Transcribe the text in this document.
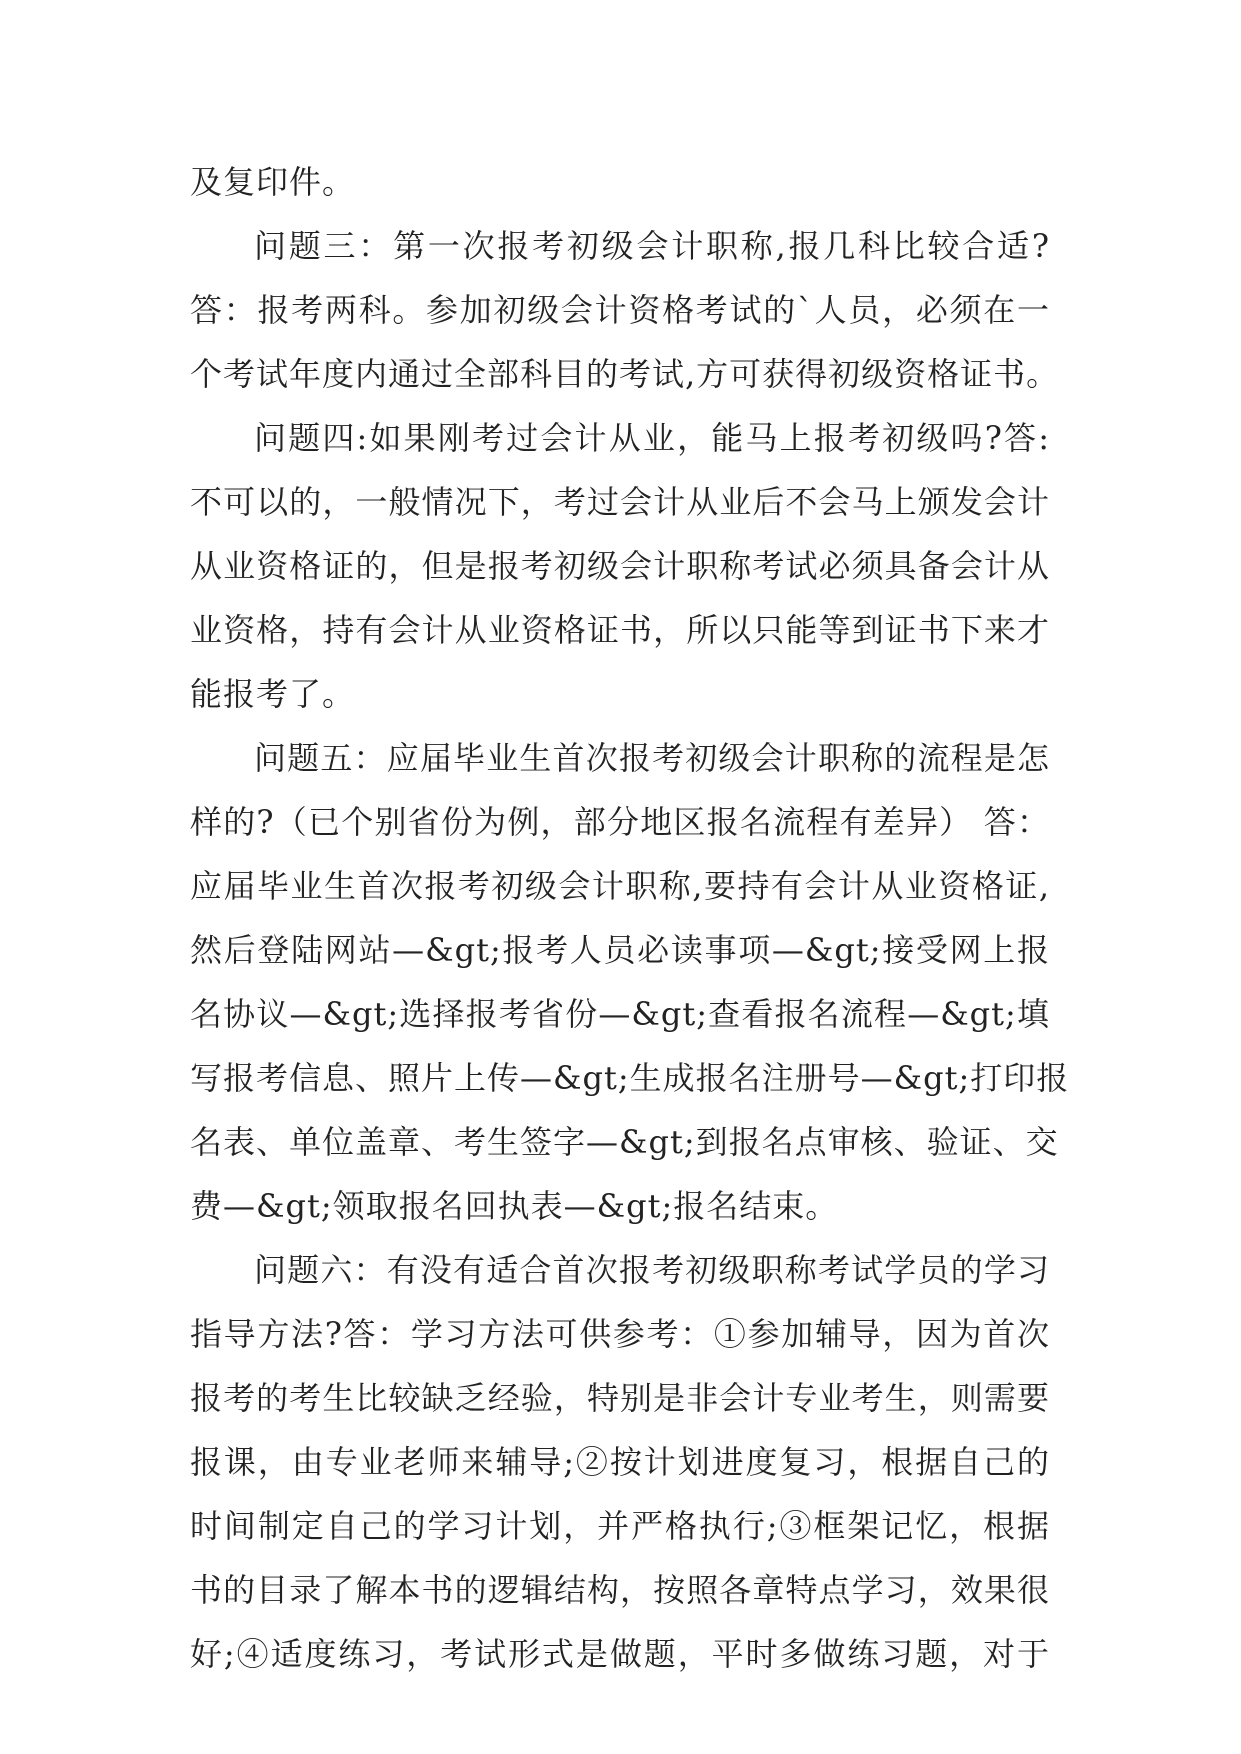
及复印件。
问题三：第一次报考初级会计职称,报几科比较合适?
答：报考两科。参加初级会计资格考试的`人员，必须在一
个考试年度内通过全部科目的考试,方可获得初级资格证书。
问题四:如果刚考过会计从业，能马上报考初级吗?答:
不可以的，一般情况下，考过会计从业后不会马上颁发会计
从业资格证的，但是报考初级会计职称考试必须具备会计从
业资格，持有会计从业资格证书，所以只能等到证书下来才
能报考了。
问题五：应届毕业生首次报考初级会计职称的流程是怎
样的?（已个别省份为例，部分地区报名流程有差异） 答：
应届毕业生首次报考初级会计职称,要持有会计从业资格证,
然后登陆网站—&gt;报考人员必读事项—&gt;接受网上报
名协议—&gt;选择报考省份—&gt;查看报名流程—&gt;填
写报考信息、照片上传—&gt;生成报名注册号—&gt;打印报
名表、单位盖章、考生签字—&gt;到报名点审核、验证、交
费—&gt;领取报名回执表—&gt;报名结束。
问题六：有没有适合首次报考初级职称考试学员的学习
指导方法?答：学习方法可供参考：①参加辅导，因为首次
报考的考生比较缺乏经验，特别是非会计专业考生，则需要
报课，由专业老师来辅导;②按计划进度复习，根据自己的
时间制定自己的学习计划，并严格执行;③框架记忆，根据
书的目录了解本书的逻辑结构，按照各章特点学习，效果很
好;④适度练习，考试形式是做题，平时多做练习题，对于
